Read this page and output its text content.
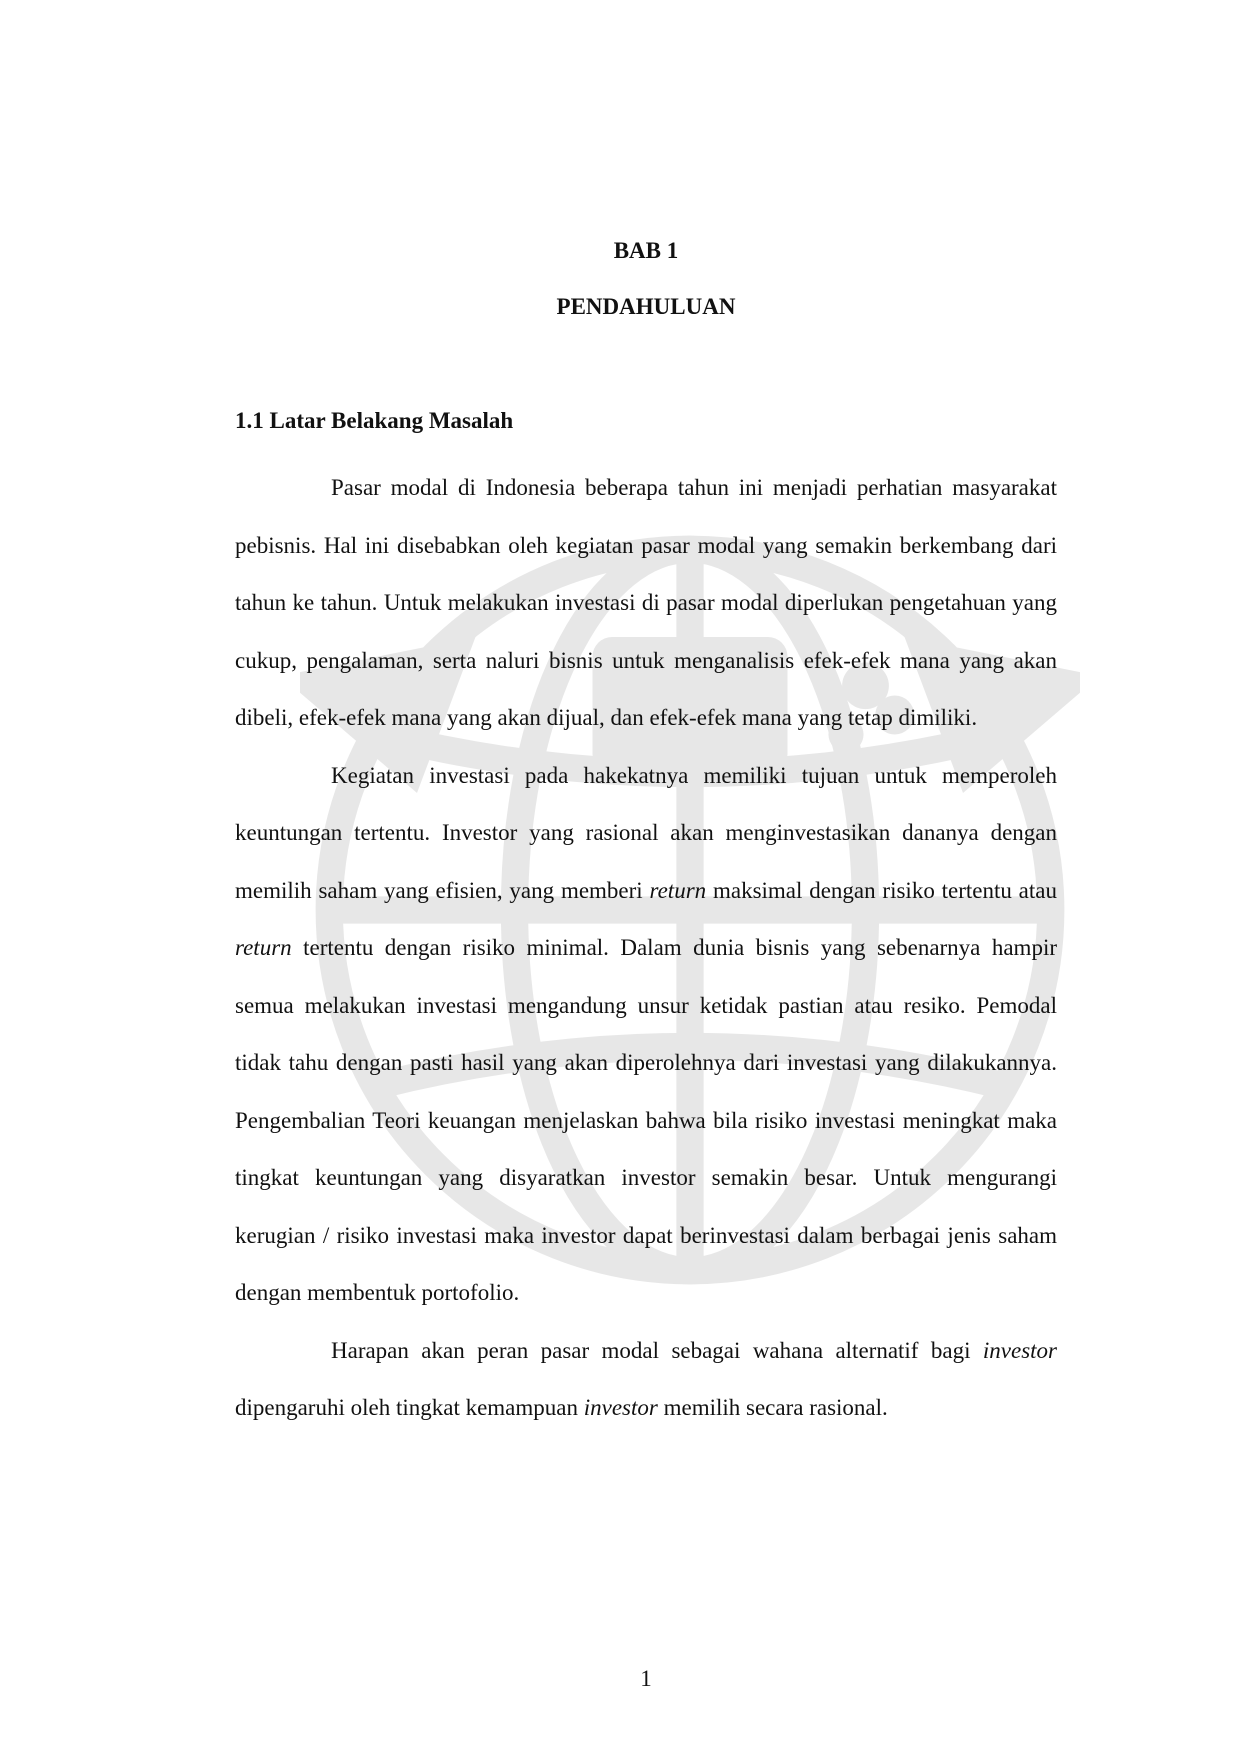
BAB 1
PENDAHULUAN
1.1 Latar Belakang Masalah

Pasar modal di Indonesia beberapa tahun ini menjadi perhatian masyarakat pebisnis. Hal ini disebabkan oleh kegiatan pasar modal yang semakin berkembang dari tahun ke tahun. Untuk melakukan investasi di pasar modal diperlukan pengetahuan yang cukup, pengalaman, serta naluri bisnis untuk menganalisis efek-efek mana yang akan dibeli, efek-efek mana yang akan dijual, dan efek-efek mana yang tetap dimiliki.

Kegiatan investasi pada hakekatnya memiliki tujuan untuk memperoleh keuntungan tertentu. Investor yang rasional akan menginvestasikan dananya dengan memilih saham yang efisien, yang memberi return maksimal dengan risiko tertentu atau return tertentu dengan risiko minimal. Dalam dunia bisnis yang sebenarnya hampir semua melakukan investasi mengandung unsur ketidak pastian atau resiko. Pemodal tidak tahu dengan pasti hasil yang akan diperolehnya dari investasi yang dilakukannya. Pengembalian Teori keuangan menjelaskan bahwa bila risiko investasi meningkat maka tingkat keuntungan yang disyaratkan investor semakin besar. Untuk mengurangi kerugian / risiko investasi maka investor dapat berinvestasi dalam berbagai jenis saham dengan membentuk portofolio.

Harapan akan peran pasar modal sebagai wahana alternatif bagi investor dipengaruhi oleh tingkat kemampuan investor memilih secara rasional.

1
